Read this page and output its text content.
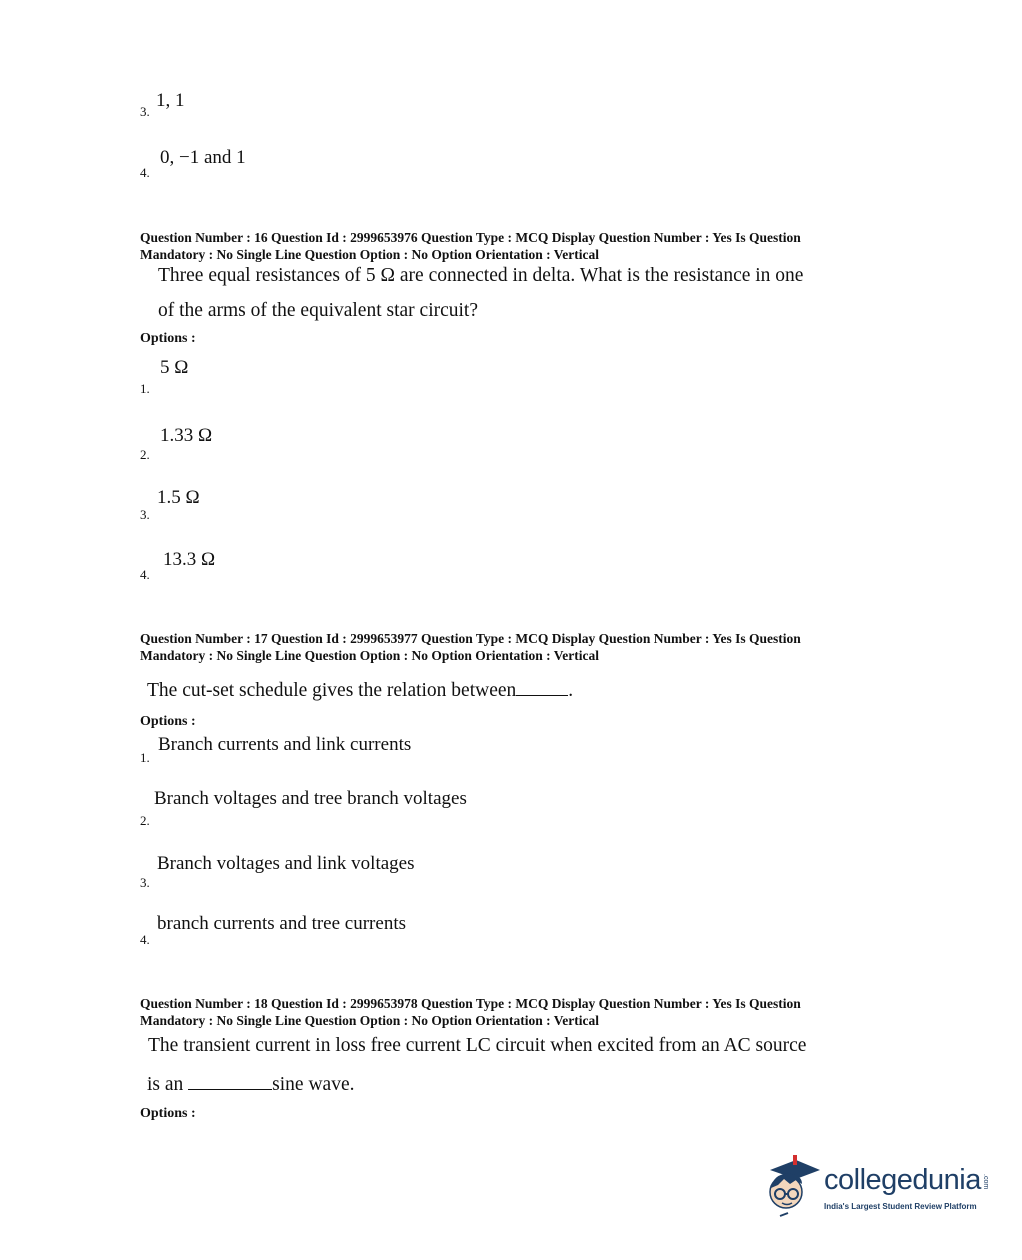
3.
1, 1
4.
0, −1 and 1
Question Number : 16 Question Id : 2999653976 Question Type : MCQ Display Question Number : Yes Is Question
Mandatory : No Single Line Question Option : No Option Orientation : Vertical
Three equal resistances of 5 Ω are connected in delta. What is the resistance in one
of the arms of the equivalent star circuit?
Options :
5 Ω
1.
1.33 Ω
2.
1.5 Ω
3.
13.3 Ω
4.
Question Number : 17 Question Id : 2999653977 Question Type : MCQ Display Question Number : Yes Is Question
Mandatory : No Single Line Question Option : No Option Orientation : Vertical
The cut-set schedule gives the relation between	.
Options :
Branch currents and link currents
1.
Branch voltages and tree branch voltages
2.
Branch voltages and link voltages
3.
branch currents and tree currents
4.
Question Number : 18 Question Id : 2999653978 Question Type : MCQ Display Question Number : Yes Is Question
Mandatory : No Single Line Question Option : No Option Orientation : Vertical
The transient current in loss free current LC circuit when excited from an AC source
is an	sine wave.
Options :
collegedunia .com
India's Largest Student Review Platform
